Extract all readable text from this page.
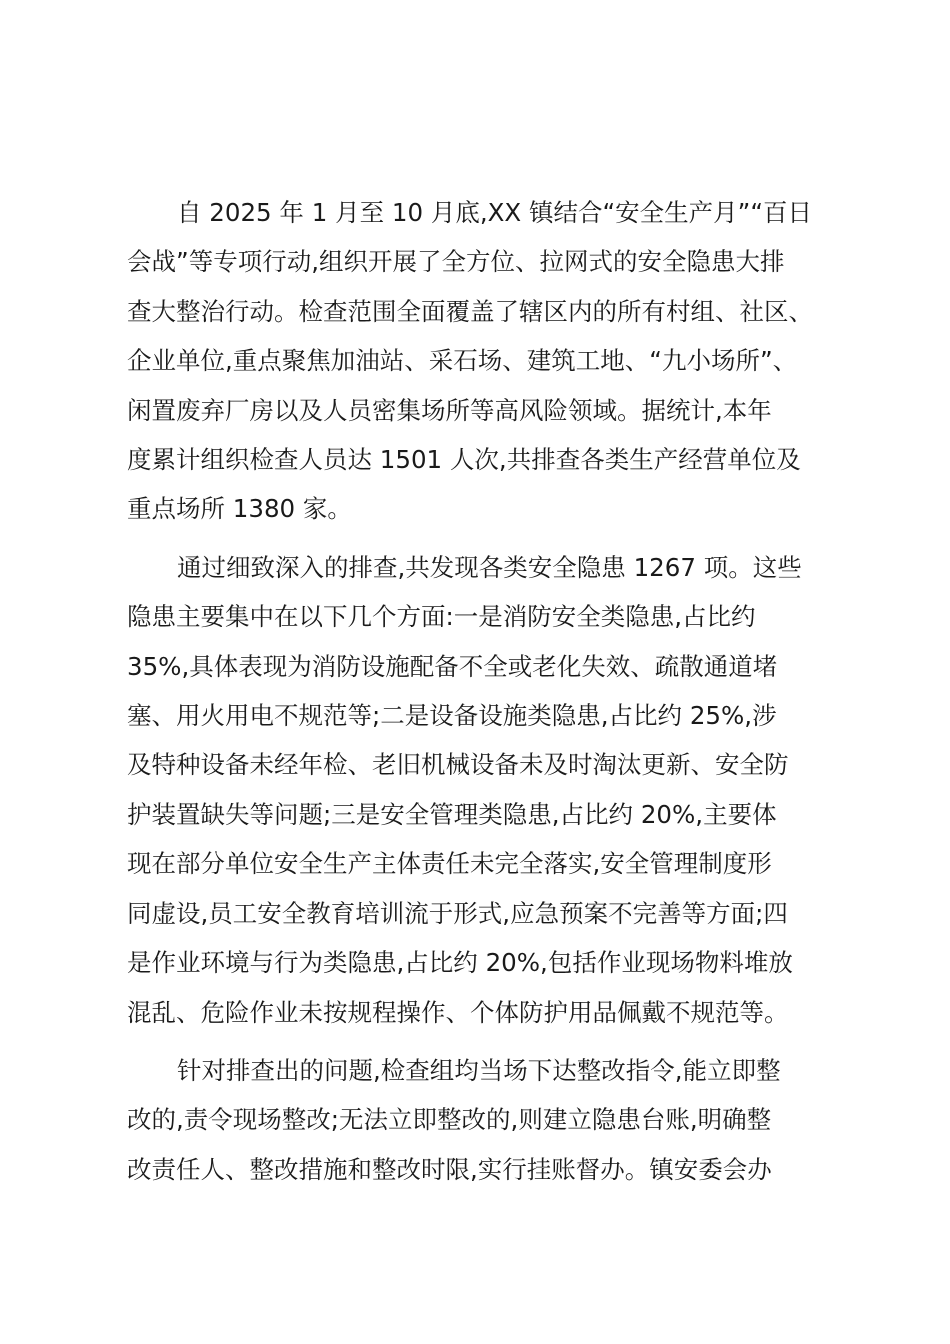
自 2025 年 1 月至 10 月底,XX 镇结合“安全生产月”“百日
会战”等专项行动,组织开展了全方位、拉网式的安全隐患大排
查大整治行动。检查范围全面覆盖了辖区内的所有村组、社区、
企业单位,重点聚焦加油站、采石场、建筑工地、“九小场所”、
闲置废弃厂房以及人员密集场所等高风险领域。据统计,本年
度累计组织检查人员达 1501 人次,共排查各类生产经营单位及
重点场所 1380 家。

通过细致深入的排查,共发现各类安全隐患 1267 项。这些
隐患主要集中在以下几个方面:一是消防安全类隐患,占比约
35%,具体表现为消防设施配备不全或老化失效、疏散通道堵
塞、用火用电不规范等;二是设备设施类隐患,占比约 25%,涉
及特种设备未经年检、老旧机械设备未及时淘汰更新、安全防
护装置缺失等问题;三是安全管理类隐患,占比约 20%,主要体
现在部分单位安全生产主体责任未完全落实,安全管理制度形
同虚设,员工安全教育培训流于形式,应急预案不完善等方面;四
是作业环境与行为类隐患,占比约 20%,包括作业现场物料堆放
混乱、危险作业未按规程操作、个体防护用品佩戴不规范等。

针对排查出的问题,检查组均当场下达整改指令,能立即整
改的,责令现场整改;无法立即整改的,则建立隐患台账,明确整
改责任人、整改措施和整改时限,实行挂账督办。镇安委会办
